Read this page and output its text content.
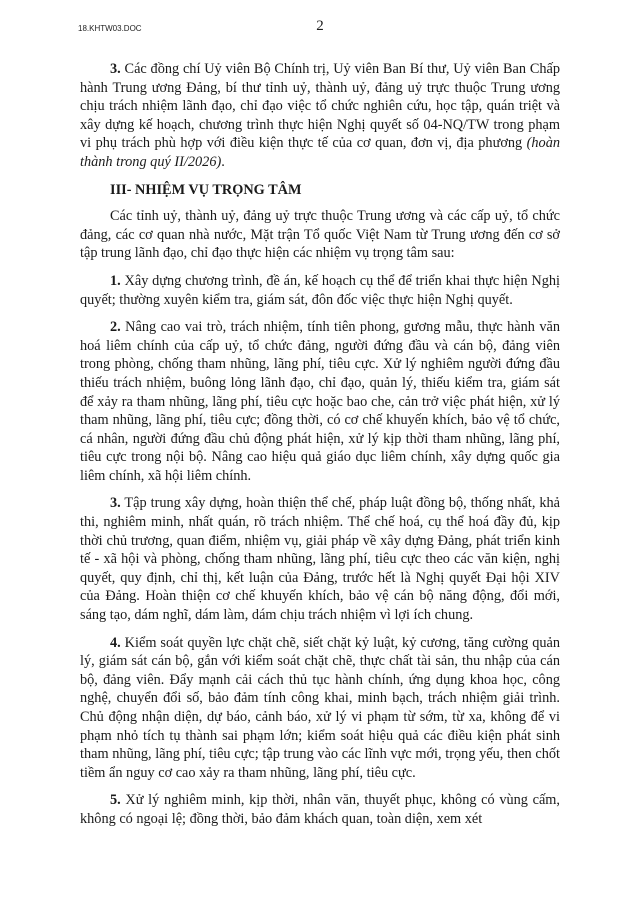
18.KHTW03.DOC	2

3. Các đồng chí Uỷ viên Bộ Chính trị, Uỷ viên Ban Bí thư, Uỷ viên Ban Chấp hành Trung ương Đảng, bí thư tỉnh uỷ, thành uỷ, đảng uỷ trực thuộc Trung ương chịu trách nhiệm lãnh đạo, chỉ đạo việc tổ chức nghiên cứu, học tập, quán triệt và xây dựng kế hoạch, chương trình thực hiện Nghị quyết số 04-NQ/TW trong phạm vi phụ trách phù hợp với điều kiện thực tế của cơ quan, đơn vị, địa phương (hoàn thành trong quý II/2026).

III- NHIỆM VỤ TRỌNG TÂM

Các tỉnh uỷ, thành uỷ, đảng uỷ trực thuộc Trung ương và các cấp uỷ, tổ chức đảng, các cơ quan nhà nước, Mặt trận Tổ quốc Việt Nam từ Trung ương đến cơ sở tập trung lãnh đạo, chỉ đạo thực hiện các nhiệm vụ trọng tâm sau:

1. Xây dựng chương trình, đề án, kế hoạch cụ thể để triển khai thực hiện Nghị quyết; thường xuyên kiểm tra, giám sát, đôn đốc việc thực hiện Nghị quyết.

2. Nâng cao vai trò, trách nhiệm, tính tiên phong, gương mẫu, thực hành văn hoá liêm chính của cấp uỷ, tổ chức đảng, người đứng đầu và cán bộ, đảng viên trong phòng, chống tham nhũng, lãng phí, tiêu cực. Xử lý nghiêm người đứng đầu thiếu trách nhiệm, buông lỏng lãnh đạo, chỉ đạo, quản lý, thiếu kiểm tra, giám sát để xảy ra tham nhũng, lãng phí, tiêu cực hoặc bao che, cản trở việc phát hiện, xử lý tham nhũng, lãng phí, tiêu cực; đồng thời, có cơ chế khuyến khích, bảo vệ tổ chức, cá nhân, người đứng đầu chủ động phát hiện, xử lý kịp thời tham nhũng, lãng phí, tiêu cực trong nội bộ. Nâng cao hiệu quả giáo dục liêm chính, xây dựng quốc gia liêm chính, xã hội liêm chính.

3. Tập trung xây dựng, hoàn thiện thể chế, pháp luật đồng bộ, thống nhất, khả thi, nghiêm minh, nhất quán, rõ trách nhiệm. Thể chế hoá, cụ thể hoá đầy đủ, kịp thời chủ trương, quan điểm, nhiệm vụ, giải pháp về xây dựng Đảng, phát triển kinh tế - xã hội và phòng, chống tham nhũng, lãng phí, tiêu cực theo các văn kiện, nghị quyết, quy định, chỉ thị, kết luận của Đảng, trước hết là Nghị quyết Đại hội XIV của Đảng. Hoàn thiện cơ chế khuyến khích, bảo vệ cán bộ năng động, đổi mới, sáng tạo, dám nghĩ, dám làm, dám chịu trách nhiệm vì lợi ích chung.

4. Kiểm soát quyền lực chặt chẽ, siết chặt kỷ luật, kỷ cương, tăng cường quản lý, giám sát cán bộ, gắn với kiểm soát chặt chẽ, thực chất tài sản, thu nhập của cán bộ, đảng viên. Đẩy mạnh cải cách thủ tục hành chính, ứng dụng khoa học, công nghệ, chuyển đổi số, bảo đảm tính công khai, minh bạch, trách nhiệm giải trình. Chủ động nhận diện, dự báo, cảnh báo, xử lý vi phạm từ sớm, từ xa, không để vi phạm nhỏ tích tụ thành sai phạm lớn; kiểm soát hiệu quả các điều kiện phát sinh tham nhũng, lãng phí, tiêu cực; tập trung vào các lĩnh vực mới, trọng yếu, then chốt tiềm ẩn nguy cơ cao xảy ra tham nhũng, lãng phí, tiêu cực.

5. Xử lý nghiêm minh, kịp thời, nhân văn, thuyết phục, không có vùng cấm, không có ngoại lệ; đồng thời, bảo đảm khách quan, toàn diện, xem xét
